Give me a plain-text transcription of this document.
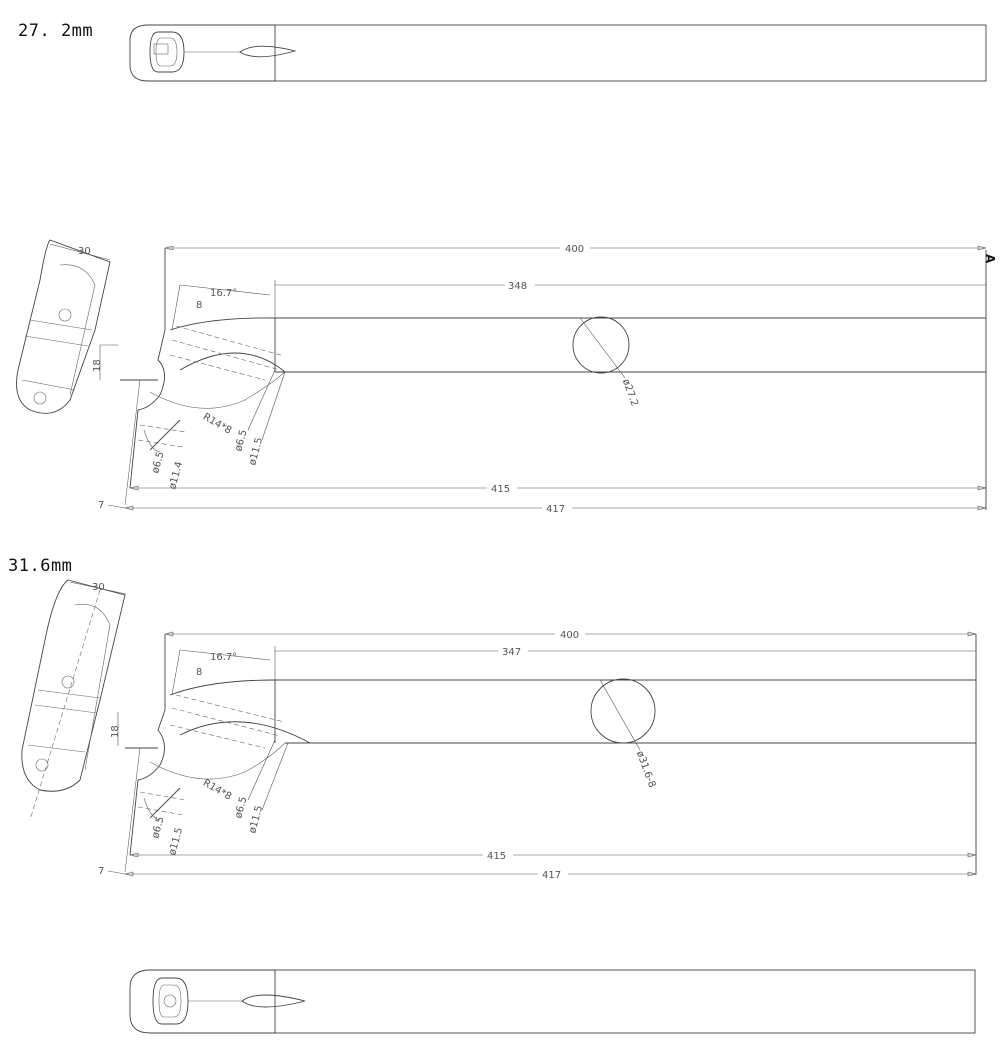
27. 2mm
31.6mm
30
18
400
A
348
16.7°
8
ø27.2
R14*8
ø6.5
ø11.5
ø6.5 ø11.4	415
417
7
30
18
400
347
16.7°
8
ø31.6-8
R14*8
ø6.5
ø11.5
ø6.5 ø11.5	415
417
7
